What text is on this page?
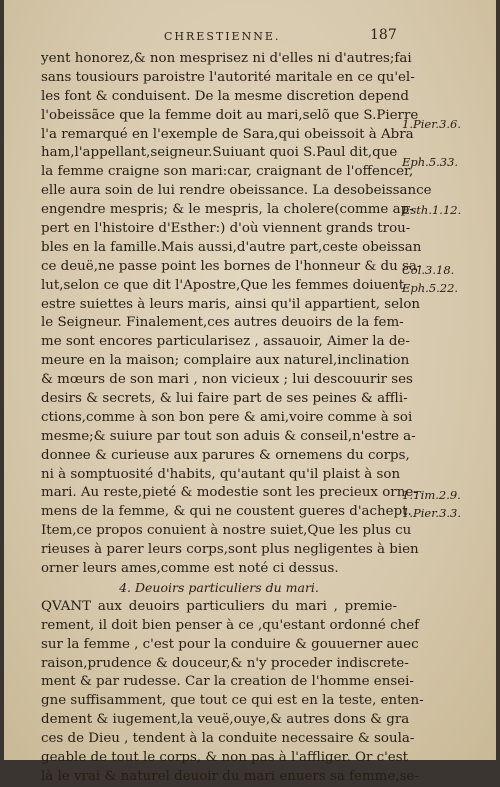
CHRESTIENNE.	187
yent honorez,& non mesprisez ni d'elles ni d'autres;fai
sans tousiours paroistre l'autorité maritale en ce qu'el-
les font & conduisent. De la mesme discretion depend
l'obeissãce que la femme doit au mari,selõ que S.Pierre
l'a remarqué en l'exemple de Sara,qui obeissoit à Abra
ham,l'appellant,seigneur.Suiuant quoi S.Paul dit,que
la femme craigne son mari:car, craignant de l'offencer,
elle aura soin de lui rendre obeissance. La desobeissance
engendre mespris; & le mespris, la cholere(comme ap-
pert en l'histoire d'Esther:) d'où viennent grands trou-
bles en la famille.Mais aussi,d'autre part,ceste obeissan
ce deuë,ne passe point les bornes de l'honneur & du sa-
lut,selon ce que dit l'Apostre,Que les femmes doiuent
estre suiettes à leurs maris, ainsi qu'il appartient, selon
le Seigneur. Finalement,ces autres deuoirs de la fem-
me sont encores particularisez , assauoir, Aimer la de-
meure en la maison; complaire aux naturel,inclination
& mœurs de son mari , non vicieux ; lui descouurir ses
desirs & secrets, & lui faire part de ses peines & affli-
ctions,comme à son bon pere & ami,voire comme à soi
mesme;& suiure par tout son aduis & conseil,n'estre a-
donnee & curieuse aux parures & ornemens du corps,
ni à somptuosité d'habits, qu'autant qu'il plaist à son
mari. Au reste,pieté & modestie sont les precieux orne-
mens de la femme, & qui ne coustent gueres d'achept.
Item,ce propos conuient à nostre suiet,Que les plus cu
rieuses à parer leurs corps,sont plus negligentes à bien
orner leurs ames,comme est noté ci dessus.
4. Deuoirs particuliers du mari.
QVANT aux deuoirs particuliers du mari , premie-
rement, il doit bien penser à ce ,qu'estant ordonné chef
sur la femme , c'est pour la conduire & gouuerner auec
raison,prudence & douceur,& n'y proceder indiscrete-
ment & par rudesse. Car la creation de l'homme ensei-
gne suffisamment, que tout ce qui est en la teste, enten-
dement & iugement,la veuë,ouye,& autres dons & gra
ces de Dieu , tendent à la conduite necessaire & soula-
geable de tout le corps, & non pas à l'affliger. Or c'est
là le vrai & naturel deuoir du mari enuers sa femme,se-
1.Pier.3.6.
Eph.5.33.
Esth.1.12.
Col.3.18.
Eph.5.22.
1.Tim.2.9.
1.Pier.3.3.
